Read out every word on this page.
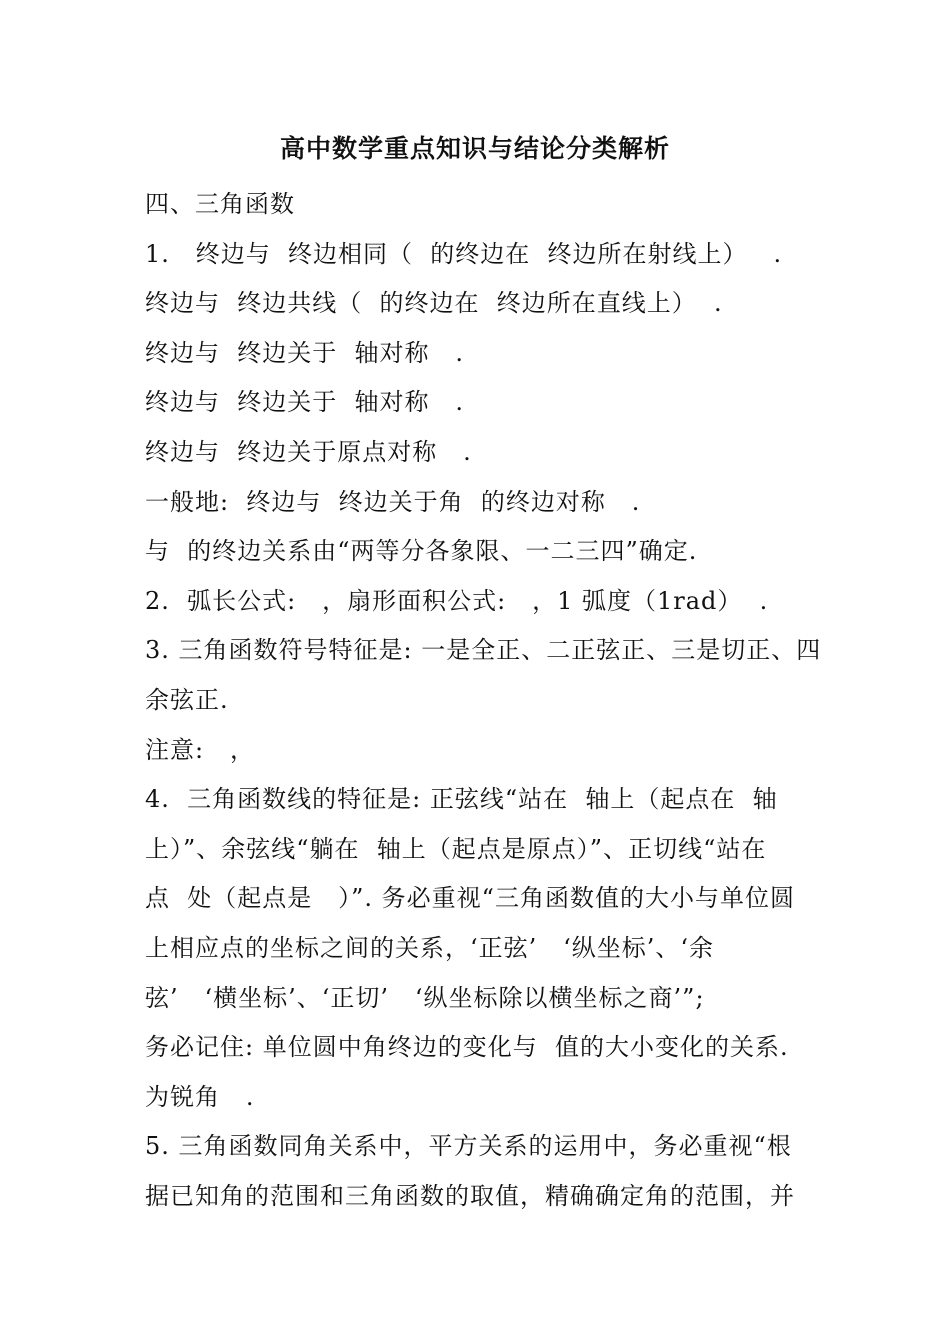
高中数学重点知识与结论分类解析
四、三角函数
1.   终边与  终边相同（  的终边在  终边所在射线上）   .
终边与  终边共线（  的终边在  终边所在直线上）  .
终边与  终边关于  轴对称   .
终边与  终边关于  轴对称   .
终边与  终边关于原点对称   .
一般地:  终边与  终边关于角  的终边对称   .
与  的终边关系由“两等分各象限、一二三四”确定.
2.  弧长公式:   ，扇形面积公式:   ，1 弧度（1rad）  .
3. 三角函数符号特征是: 一是全正、二正弦正、三是切正、四
余弦正.
注意:   ，
4.  三角函数线的特征是: 正弦线“站在  轴上（起点在  轴
上）”、余弦线“躺在  轴上（起点是原点）”、正切线“站在
点  处（起点是   ）”. 务必重视“三角函数值的大小与单位圆
上相应点的坐标之间的关系，‘正弦’   ‘纵坐标’、‘余
弦’   ‘横坐标’、‘正切’   ‘纵坐标除以横坐标之商’”;
务必记住: 单位圆中角终边的变化与  值的大小变化的关系.
为锐角   .
5. 三角函数同角关系中，平方关系的运用中，务必重视“根
据已知角的范围和三角函数的取值，精确确定角的范围，并
